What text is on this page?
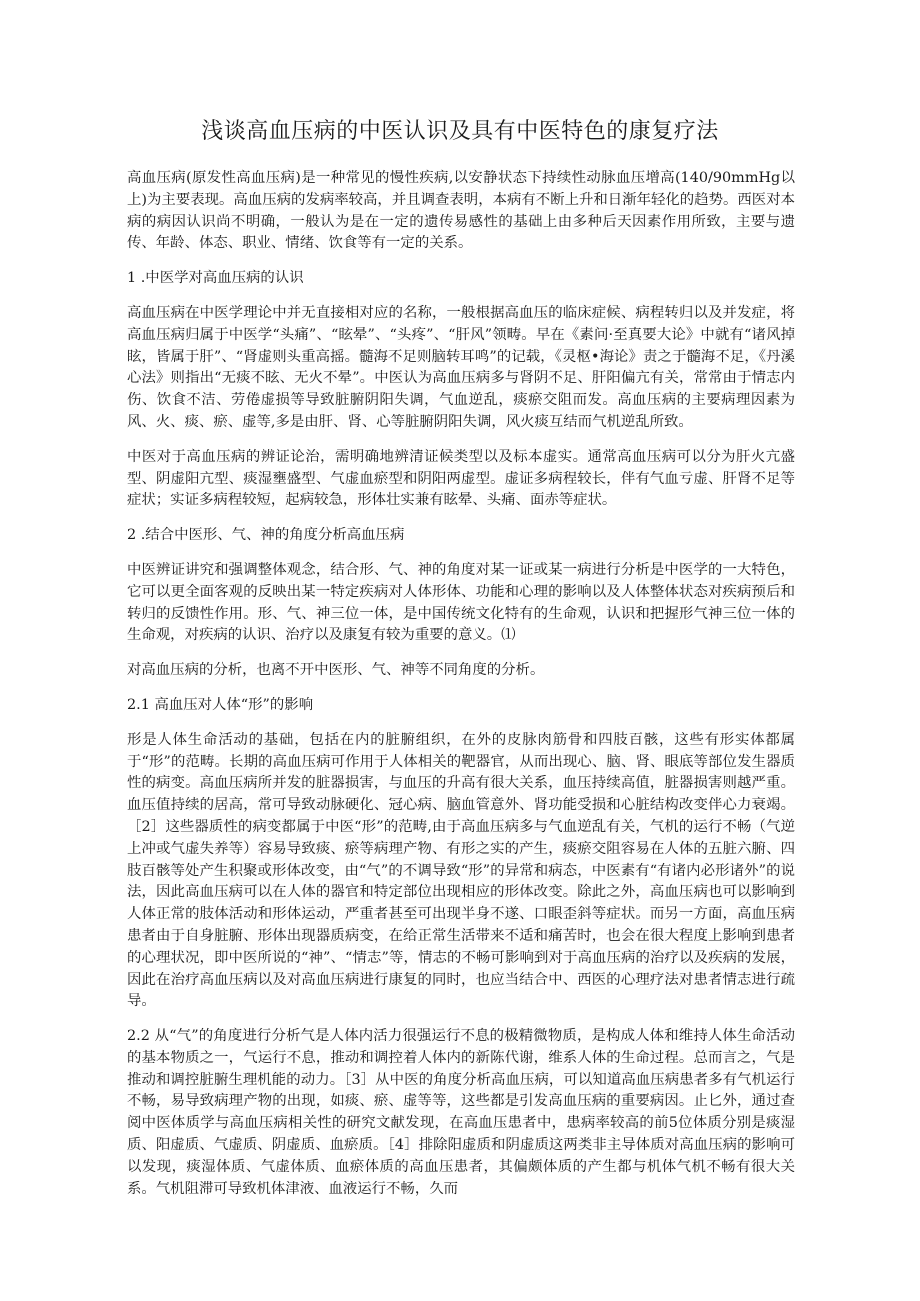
浅谈高血压病的中医认识及具有中医特色的康复疗法

高血压病(原发性高血压病)是一种常见的慢性疾病,以安静状态下持续性动脉血压增高(140/90mmHg以上)为主要表现。高血压病的发病率较高，并且调查表明，本病有不断上升和日渐年轻化的趋势。西医对本病的病因认识尚不明确，一般认为是在一定的遗传易感性的基础上由多种后天因素作用所致，主要与遗传、年龄、体态、职业、情绪、饮食等有一定的关系。

1 .中医学对高血压病的认识

高血压病在中医学理论中并无直接相对应的名称，一般根据高血压的临床症候、病程转归以及并发症，将高血压病归属于中医学“头痛”、“眩晕”、“头疼”、“肝风”领畴。早在《素问·至真要大论》中就有“诸风掉眩，皆属于肝”、“肾虚则头重高摇。髓海不足则脑转耳鸣”的记载，《灵枢•海论》责之于髓海不足，《丹溪心法》则指出“无痰不眩、无火不晕”。中医认为高血压病多与肾阴不足、肝阳偏亢有关，常常由于情志内伤、饮食不洁、劳倦虚损等导致脏腑阴阳失调，气血逆乱，痰瘀交阻而发。高血压病的主要病理因素为风、火、痰、瘀、虚等,多是由肝、肾、心等脏腑阴阳失调，风火痰互结而气机逆乱所致。

中医对于高血压病的辨证论治，需明确地辨清证候类型以及标本虚实。通常高血压病可以分为肝火亢盛型、阴虚阳亢型、痰湿壅盛型、气虚血瘀型和阴阳两虚型。虚证多病程较长，伴有气血亏虚、肝肾不足等症状；实证多病程较短，起病较急，形体壮实兼有眩晕、头痛、面赤等症状。

2 .结合中医形、气、神的角度分析高血压病

中医辨证讲究和强调整体观念，结合形、气、神的角度对某一证或某一病进行分析是中医学的一大特色，它可以更全面客观的反映出某一特定疾病对人体形体、功能和心理的影响以及人体整体状态对疾病预后和转归的反馈性作用。形、气、神三位一体，是中国传统文化特有的生命观，认识和把握形气神三位一体的生命观，对疾病的认识、治疗以及康复有较为重要的意义。⑴

对高血压病的分析，也离不开中医形、气、神等不同角度的分析。

2.1 高血压对人体“形”的影响

形是人体生命活动的基础，包括在内的脏腑组织，在外的皮脉肉筋骨和四肢百骸，这些有形实体都属于“形”的范畴。长期的高血压病可作用于人体相关的靶器官，从而出现心、脑、肾、眼底等部位发生器质性的病变。高血压病所并发的脏器损害，与血压的升高有很大关系，血压持续高值，脏器损害则越严重。血压值持续的居高，常可导致动脉硬化、冠心病、脑血管意外、肾功能受损和心脏结构改变伴心力衰竭。［2］这些器质性的病变都属于中医“形”的范畴,由于高血压病多与气血逆乱有关，气机的运行不畅（气逆上冲或气虚失养等）容易导致痰、瘀等病理产物、有形之实的产生，痰瘀交阻容易在人体的五脏六腑、四肢百骸等处产生积聚或形体改变，由“气”的不调导致“形”的异常和病态，中医素有“有诸内必形诸外”的说法，因此高血压病可以在人体的器官和特定部位出现相应的形体改变。除此之外，高血压病也可以影响到人体正常的肢体活动和形体运动，严重者甚至可出现半身不遂、口眼歪斜等症状。而另一方面，高血压病患者由于自身脏腑、形体出现器质病变，在给正常生活带来不适和痛苦时，也会在很大程度上影响到患者的心理状况，即中医所说的“神”、“情志”等，情志的不畅可影响到对于高血压病的治疗以及疾病的发展，因此在治疗高血压病以及对高血压病进行康复的同时，也应当结合中、西医的心理疗法对患者情志进行疏导。

2.2 从“气”的角度进行分析气是人体内活力很强运行不息的极精微物质，是构成人体和维持人体生命活动的基本物质之一，气运行不息，推动和调控着人体内的新陈代谢，维系人体的生命过程。总而言之，气是推动和调控脏腑生理机能的动力。［3］从中医的角度分析高血压病，可以知道高血压病患者多有气机运行不畅，易导致病理产物的出现，如痰、瘀、虚等等，这些都是引发高血压病的重要病因。止匕外，通过查阅中医体质学与高血压病相关性的研究文献发现，在高血压患者中，患病率较高的前5位体质分别是痰湿质、阳虚质、气虚质、阴虚质、血瘀质。［4］排除阳虚质和阴虚质这两类非主导体质对高血压病的影响可以发现，痰湿体质、气虚体质、血瘀体质的高血压患者，其偏颇体质的产生都与机体气机不畅有很大关系。气机阻滞可导致机体津液、血液运行不畅，久而
